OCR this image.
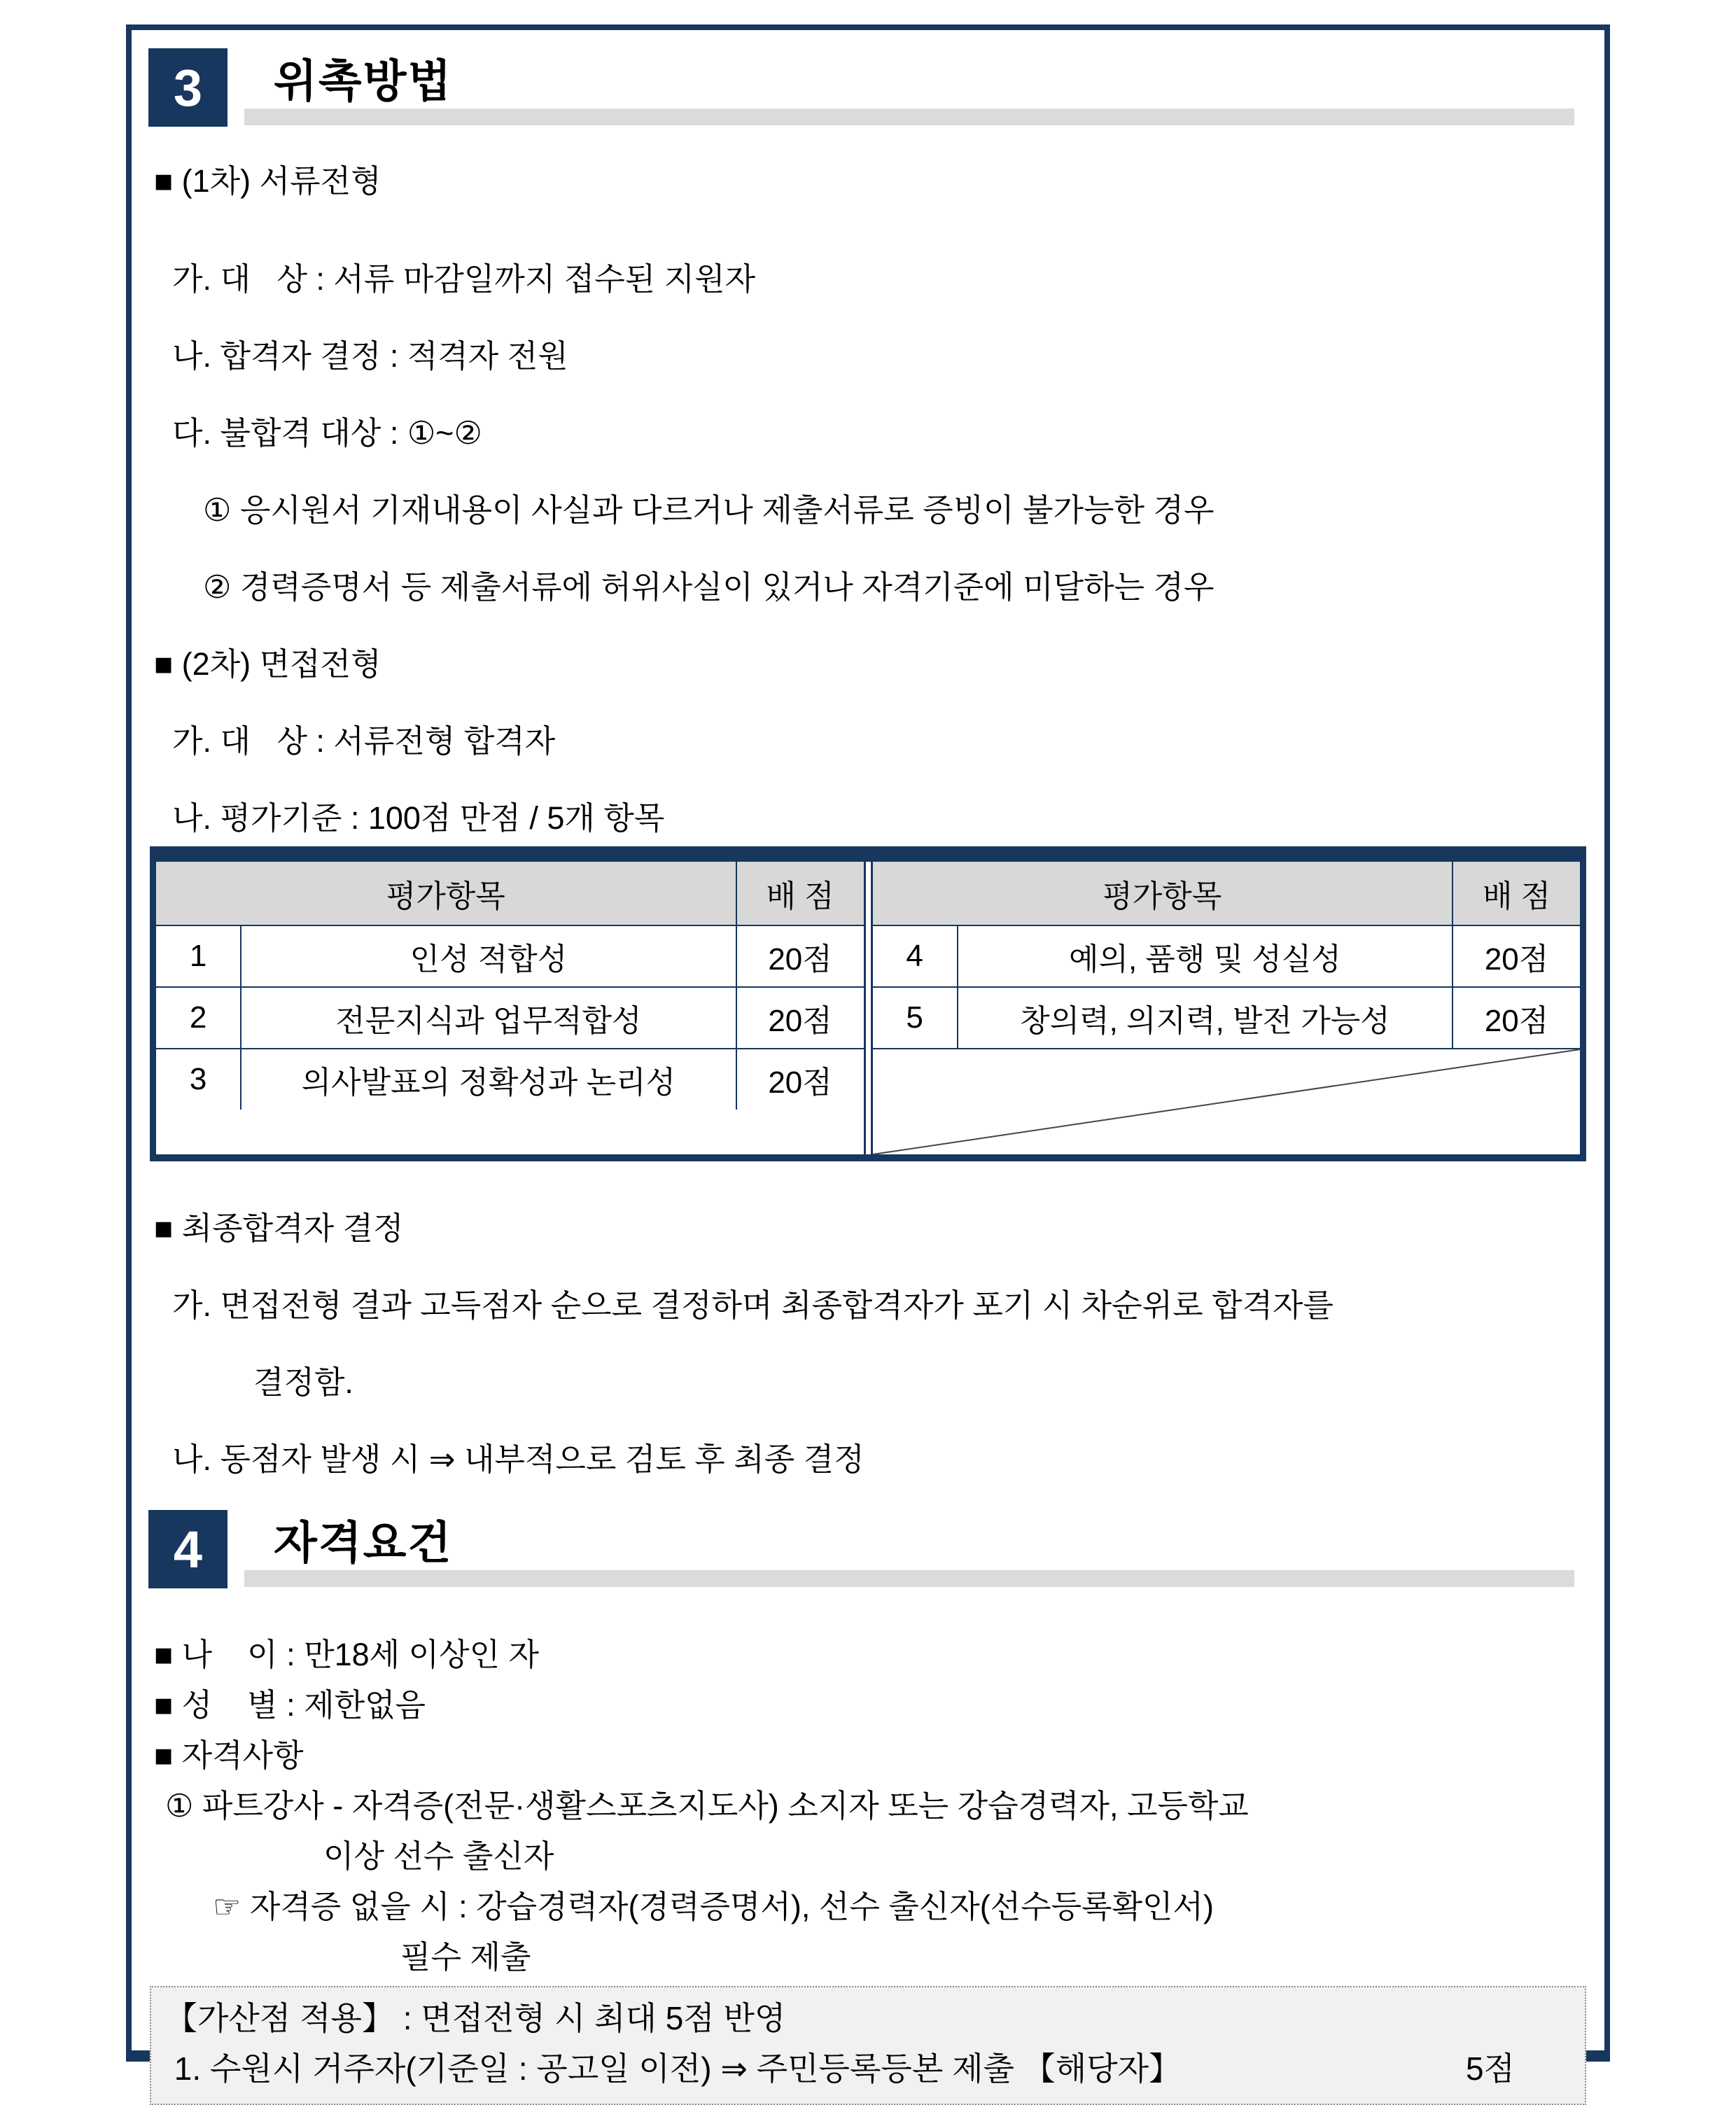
3	위촉방법
■ (1차) 서류전형
가. 대   상 : 서류 마감일까지 접수된 지원자
나. 합격자 결정 : 적격자 전원
다. 불합격 대상 : ①~②
① 응시원서 기재내용이 사실과 다르거나 제출서류로 증빙이 불가능한 경우
② 경력증명서 등 제출서류에 허위사실이 있거나 자격기준에 미달하는 경우
■ (2차) 면접전형
가. 대   상 : 서류전형 합격자
나. 평가기준 : 100점 만점 / 5개 항목
평가항목		배 점
1	인성 적합성	20점
2	전문지식과 업무적합성	20점
3	의사발표의 정확성과 논리성	20점
평가항목		배 점
4	예의, 품행 및 성실성	20점
5	창의력, 의지력, 발전 가능성	20점

■ 최종합격자 결정
가. 면접전형 결과 고득점자 순으로 결정하며 최종합격자가 포기 시 차순위로 합격자를
결정함.
나. 동점자 발생 시 ⇒ 내부적으로 검토 후 최종 결정
4	자격요건
■ 나    이 : 만18세 이상인 자
■ 성    별 : 제한없음
■ 자격사항
① 파트강사 - 자격증(전문·생활스포츠지도사) 소지자 또는 강습경력자, 고등학교
이상 선수 출신자
☞ 자격증 없을 시 : 강습경력자(경력증명서), 선수 출신자(선수등록확인서)
필수 제출
【가산점 적용】 : 면접전형 시 최대 5점 반영
1. 수원시 거주자(기준일 : 공고일 이전) ⇒ 주민등록등본 제출 【해당자】	5점
